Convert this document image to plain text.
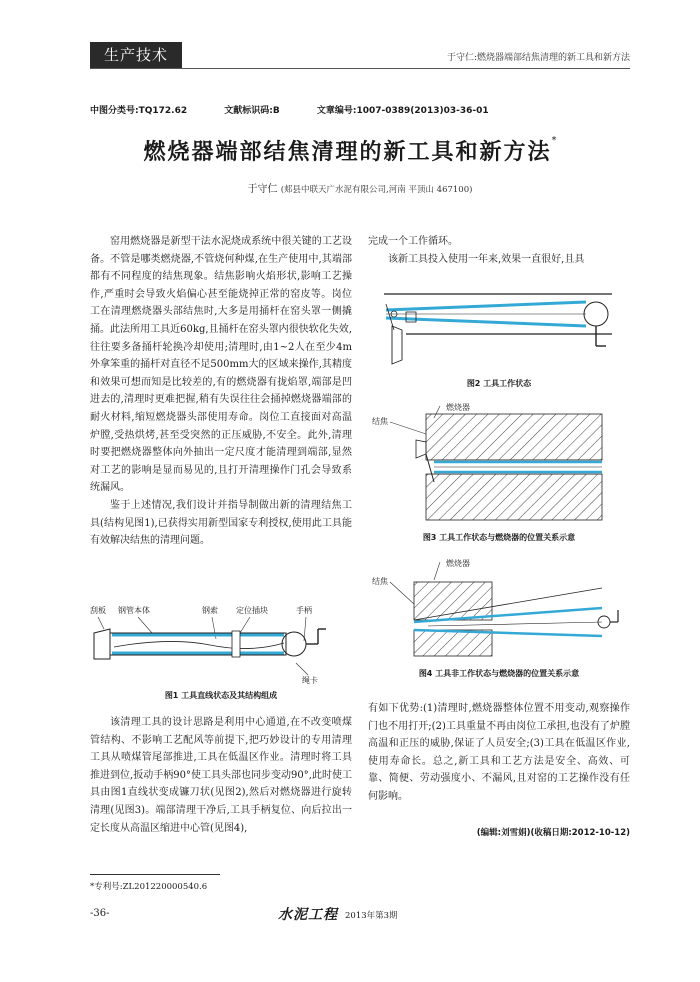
生产技术	于守仁:燃烧器端部结焦清理的新工具和新方法
中图分类号:TQ172.62	文献标识码:B	文章编号:1007-0389(2013)03-36-01
燃烧器端部结焦清理的新工具和新方法*
于守仁 (郏县中联天广水泥有限公司,河南 平顶山 467100)

窑用燃烧器是新型干法水泥烧成系统中很关键的工艺设备。不管是哪类燃烧器,不管烧何种煤,在生产使用中,其端部都有不同程度的结焦现象。结焦影响火焰形状,影响工艺操作,严重时会导致火焰偏心甚至能烧掉正常的窑皮等。岗位工在清理燃烧器头部结焦时,大多是用捅杆在窑头罩一侧撬捅。此法所用工具近60kg,且捅杆在窑头罩内很快软化失效,往往要多备捅杆轮换冷却使用;清理时,由1~2人在至少4m外拿笨重的捅杆对直径不足500mm大的区域来操作,其精度和效果可想而知是比较差的,有的燃烧器有拢焰罩,端部是凹进去的,清理时更难把握,稍有失误往往会捅掉燃烧器端部的耐火材料,缩短燃烧器头部使用寿命。岗位工直接面对高温炉膛,受热烘烤,甚至受突然的正压威胁,不安全。此外,清理时要把燃烧器整体向外抽出一定尺度才能清理到端部,显然对工艺的影响是显而易见的,且打开清理操作门孔会导致系统漏风。

鉴于上述情况,我们设计并指导制做出新的清理结焦工具(结构见图1),已获得实用新型国家专利授权,使用此工具能有效解决结焦的清理问题。

刮板 钢管本体	钢索 定位插块	手柄
绳卡
图1 工具直线状态及其结构组成

该清理工具的设计思路是利用中心通道,在不改变喷煤管结构、不影响工艺配风等前提下,把巧妙设计的专用清理工具从喷煤管尾部推进,工具在低温区作业。清理时将工具推进到位,扳动手柄90°使工具头部也同步变动90°,此时使工具由图1直线状变成镰刀状(见图2),然后对燃烧器进行旋转清理(见图3)。端部清理干净后,工具手柄复位、向后拉出一定长度从高温区缩进中心管(见图4),

完成一个工作循环。

该新工具投入使用一年来,效果一直很好,且具

图2 工具工作状态
燃烧器
结焦
图3 工具工作状态与燃烧器的位置关系示意
燃烧器
结焦
图4 工具非工作状态与燃烧器的位置关系示意

有如下优势:(1)清理时,燃烧器整体位置不用变动,观察操作门也不用打开;(2)工具重量不再由岗位工承担,也没有了炉膛高温和正压的威胁,保证了人员安全;(3)工具在低温区作业,使用寿命长。总之,新工具和工艺方法是安全、高效、可靠、简便、劳动强度小、不漏风,且对窑的工艺操作没有任何影响。

(编辑:刘雪娟)(收稿日期:2012-10-12)
*专利号:ZL201220000540.6
-36-	水泥工程 2013年第3期
